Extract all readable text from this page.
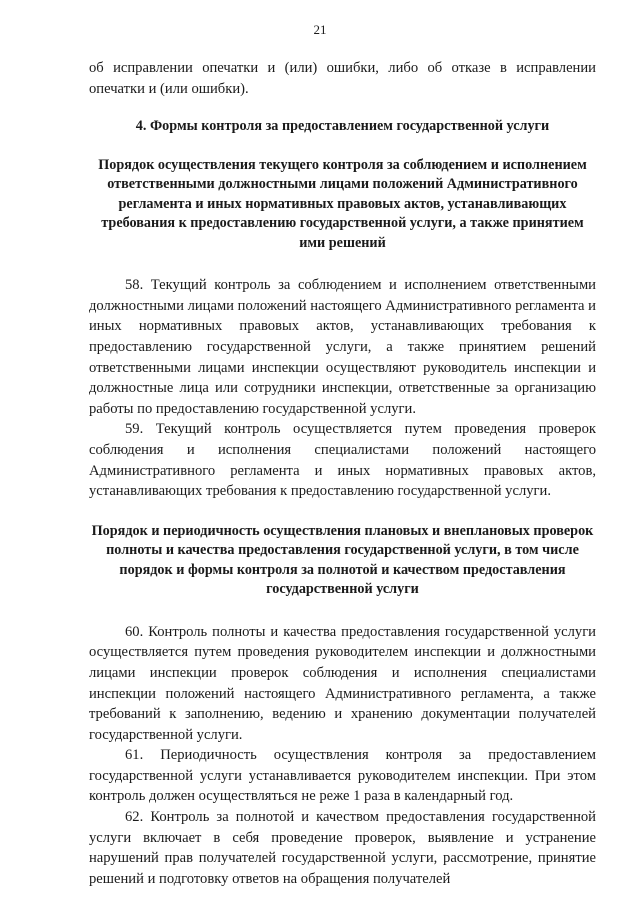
21

об исправлении опечатки и (или) ошибки, либо об отказе в исправлении опечатки и (или ошибки).

4. Формы контроля за предоставлением государственной услуги

Порядок осуществления текущего контроля за соблюдением и исполнением ответственными должностными лицами положений Административного регламента и иных нормативных правовых актов, устанавливающих требования к предоставлению государственной услуги, а также принятием ими решений

58. Текущий контроль за соблюдением и исполнением ответственными должностными лицами положений настоящего Административного регламента и иных нормативных правовых актов, устанавливающих требования к предоставлению государственной услуги, а также принятием решений ответственными лицами инспекции осуществляют руководитель инспекции и должностные лица или сотрудники инспекции, ответственные за организацию работы по предоставлению государственной услуги.

59. Текущий контроль осуществляется путем проведения проверок соблюдения и исполнения специалистами положений настоящего Административного регламента и иных нормативных правовых актов, устанавливающих требования к предоставлению государственной услуги.

Порядок и периодичность осуществления плановых и внеплановых проверок полноты и качества предоставления государственной услуги, в том числе порядок и формы контроля за полнотой и качеством предоставления государственной услуги

60. Контроль полноты и качества предоставления государственной услуги осуществляется путем проведения руководителем инспекции и должностными лицами инспекции проверок соблюдения и исполнения специалистами инспекции положений настоящего Административного регламента, а также требований к заполнению, ведению и хранению документации получателей государственной услуги.

61. Периодичность осуществления контроля за предоставлением государственной услуги устанавливается руководителем инспекции. При этом контроль должен осуществляться не реже 1 раза в календарный год.

62. Контроль за полнотой и качеством предоставления государственной услуги включает в себя проведение проверок, выявление и устранение нарушений прав получателей государственной услуги, рассмотрение, принятие решений и подготовку ответов на обращения получателей
